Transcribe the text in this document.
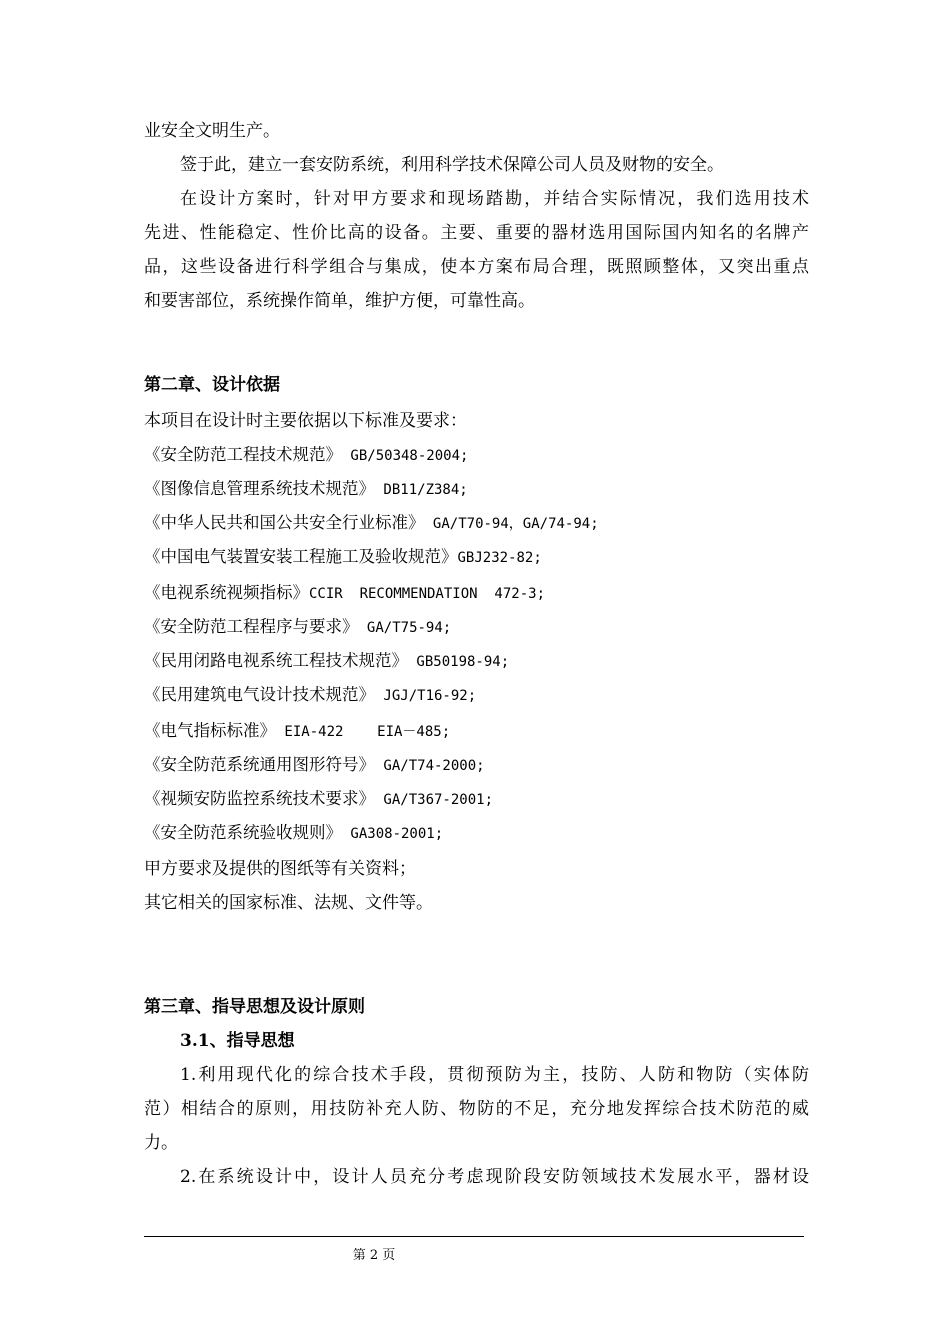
业安全文明生产。

签于此，建立一套安防系统，利用科学技术保障公司人员及财物的安全。

在设计方案时，针对甲方要求和现场踏勘，并结合实际情况，我们选用技术

先进、性能稳定、性价比高的设备。主要、重要的器材选用国际国内知名的名牌产

品，这些设备进行科学组合与集成，使本方案布局合理，既照顾整体，又突出重点

和要害部位，系统操作简单，维护方便，可靠性高。

第二章、设计依据

本项目在设计时主要依据以下标准及要求：

《安全防范工程技术规范》 GB/50348-2004;

《图像信息管理系统技术规范》 DB11/Z384;

《中华人民共和国公共安全行业标准》 GA/T70-94，GA/74-94;

《中国电气装置安装工程施工及验收规范》GBJ232-82;

《电视系统视频指标》CCIR  RECOMMENDATION  472-3;

《安全防范工程程序与要求》 GA/T75-94;

《民用闭路电视系统工程技术规范》 GB50198-94;

《民用建筑电气设计技术规范》 JGJ/T16-92;

《电气指标标准》 EIA-422    EIA－485;

《安全防范系统通用图形符号》 GA/T74-2000;

《视频安防监控系统技术要求》 GA/T367-2001;

《安全防范系统验收规则》 GA308-2001;

甲方要求及提供的图纸等有关资料；

其它相关的国家标准、法规、文件等。

第三章、指导思想及设计原则

3.1、指导思想

1.利用现代化的综合技术手段，贯彻预防为主，技防、人防和物防（实体防

范）相结合的原则，用技防补充人防、物防的不足，充分地发挥综合技术防范的威

力。

2.在系统设计中，设计人员充分考虑现阶段安防领域技术发展水平，器材设

第 2 页
